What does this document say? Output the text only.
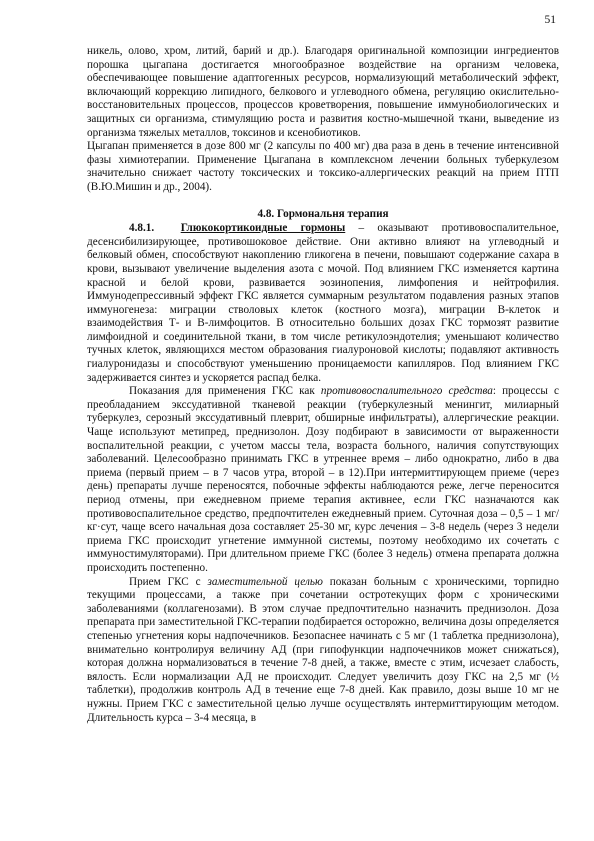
51

никель, олово, хром, литий, барий и др.). Благодаря оригинальной композиции ингредиентов порошка цыгапана достигается многообразное воздействие на организм человека, обеспечивающее повышение адаптогенных ресурсов, нормализующий метаболический эффект, включающий коррекцию липидного, белкового и углеводного обмена, регуляцию окислительно-восстановительных процессов, процессов кроветворения, повышение иммунобиологических и защитных си организма, стимулящию роста и развития костно-мышечной ткани, выведение из организма тяжелых металлов, токсинов и ксенобиотиков.

Цыгапан применяется в дозе 800 мг (2 капсулы по 400 мг) два раза в день в течение интенсивной фазы химиотерапии. Применение Цыгапана в комплексном лечении больных туберкулезом значительно снижает частоту токсических и токсико-аллергических реакций на прием ПТП (В.Ю.Мишин и др., 2004).

4.8. Гормональня терапия

4.8.1. Глюкокортикоидные гормоны – оказывают противовоспалительное, десенсибилизирующее, противошоковое действие. Они активно влияют на углеводный и белковый обмен, способствуют накоплению гликогена в печени, повышают содержание сахара в крови, вызывают увеличение выделения азота с мочой. Под влиянием ГКС изменяется картина красной и белой крови, развивается эозинопения, лимфопения и нейтрофилия. Иммунодепрессивный эффект ГКС является суммарным результатом подавления разных этапов иммуногенеза: миграции стволовых клеток (костного мозга), миграции В-клеток и взаимодействия Т- и В-лимфоцитов. В относительно больших дозах ГКС тормозят развитие лимфоидной и соединительной ткани, в том числе ретикулоэндотелия; уменьшают количество тучных клеток, являющихся местом образования гиалуроновой кислоты; подавляют активность гиалуронидазы и способствуют уменьшению проницаемости капилляров. Под влиянием ГКС задерживается синтез и ускоряется распад белка.

Показания для применения ГКС как противовоспалительного средства: процессы с преобладанием экссудативной тканевой реакции (туберкулезный менингит, милиарный туберкулез, серозный экссудативный плеврит, обширные инфильтраты), аллергические реакции. Чаще используют метипред, преднизолон. Дозу подбирают в зависимости от выраженности воспалительной реакции, с учетом массы тела, возраста больного, наличия сопутствующих заболеваний. Целесообразно принимать ГКС в утреннее время – либо однократно, либо в два приема (первый прием – в 7 часов утра, второй – в 12).При интермиттирующем приеме (через день) препараты лучше переносятся, побочные эффекты наблюдаются реже, легче переносится период отмены, при ежедневном приеме терапия активнее, если ГКС назначаются как противовоспалительное средство, предпочтителен ежедневный прием. Суточная доза – 0,5 – 1 мг/кг·сут, чаще всего начальная доза составляет 25-30 мг, курс лечения – 3-8 недель (через 3 недели приема ГКС происходит угнетение иммунной системы, поэтому необходимо их сочетать с иммуностимуляторами). При длительном приеме ГКС (более 3 недель) отмена препарата должна происходить постепенно.

Прием ГКС с заместительной целью показан больным с хроническими, торпидно текущими процессами, а также при сочетании остротекущих форм с хроническими заболеваниями (коллагенозами). В этом случае предпочтительно назначить преднизолон. Доза препарата при заместительной ГКС-терапии подбирается осторожно, величина дозы определяется степенью угнетения коры надпочечников. Безопаснее начинать с 5 мг (1 таблетка преднизолона), внимательно контролируя величину АД (при гипофункции надпочечников может снижаться), которая должна нормализоваться в течение 7-8 дней, а также, вместе с этим, исчезает слабость, вялость. Если нормализации АД не происходит. Следует увеличить дозу ГКС на 2,5 мг (½ таблетки), продолжив контроль АД в течение еще 7-8 дней. Как правило, дозы выше 10 мг не нужны. Прием ГКС с заместительной целью лучше осуществлять интермиттирующим методом. Длительность курса – 3-4 месяца, в
